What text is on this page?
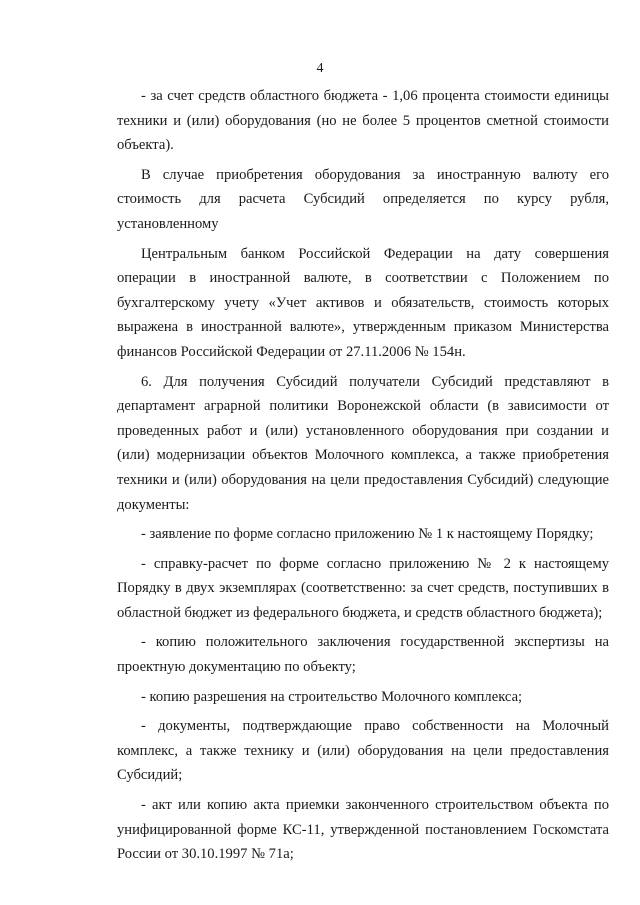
4

- за счет средств областного бюджета - 1,06 процента стоимости единицы техники и (или) оборудования (но не более 5 процентов сметной стоимости объекта).

В случае приобретения оборудования за иностранную валюту его стоимость для расчета Субсидий определяется по курсу рубля, установленному

Центральным банком Российской Федерации на дату совершения операции в иностранной валюте, в соответствии с Положением по бухгалтерскому учету «Учет активов и обязательств, стоимость которых выражена в иностранной валюте», утвержденным приказом Министерства финансов Российской Федерации от 27.11.2006 № 154н.

6. Для получения Субсидий получатели Субсидий представляют в департамент аграрной политики Воронежской области (в зависимости от проведенных работ и (или) установленного оборудования при создании и (или) модернизации объектов Молочного комплекса, а также приобретения техники и (или) оборудования на цели предоставления Субсидий) следующие документы:

- заявление по форме согласно приложению № 1 к настоящему Порядку;

- справку-расчет по форме согласно приложению № 2 к настоящему Порядку в двух экземплярах (соответственно: за счет средств, поступивших в областной бюджет из федерального бюджета, и средств областного бюджета);

- копию положительного заключения государственной экспертизы на проектную документацию по объекту;

- копию разрешения на строительство Молочного комплекса;

- документы, подтверждающие право собственности на Молочный комплекс, а также технику и (или) оборудования на цели предоставления Субсидий;

- акт или копию акта приемки законченного строительством объекта по унифицированной форме КС-11, утвержденной постановлением Госкомстата России от 30.10.1997 № 71а;
